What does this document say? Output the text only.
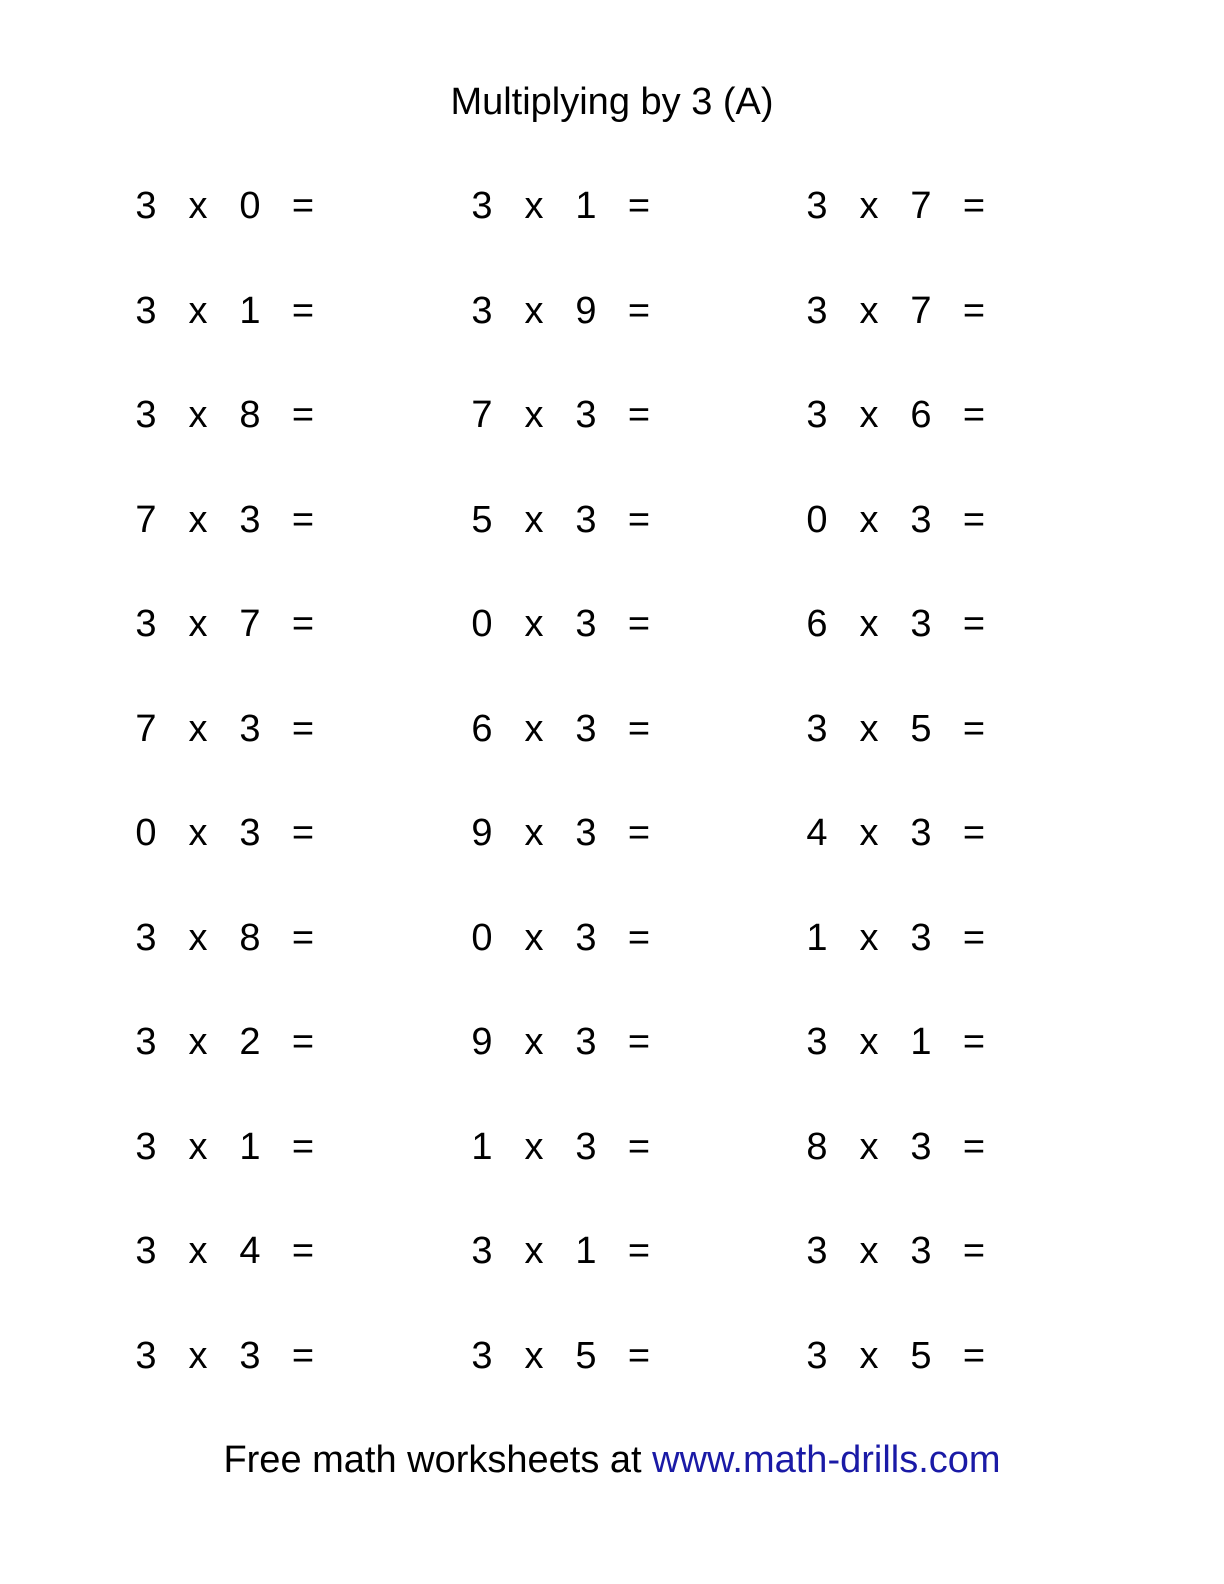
Multiplying by 3 (A)
3 x 0 =	3 x 1 =	3 x 7 =
3 x 1 =	3 x 9 =	3 x 7 =
3 x 8 =	7 x 3 =	3 x 6 =
7 x 3 =	5 x 3 =	0 x 3 =
3 x 7 =	0 x 3 =	6 x 3 =
7 x 3 =	6 x 3 =	3 x 5 =
0 x 3 =	9 x 3 =	4 x 3 =
3 x 8 =	0 x 3 =	1 x 3 =
3 x 2 =	9 x 3 =	3 x 1 =
3 x 1 =	1 x 3 =	8 x 3 =
3 x 4 =	3 x 1 =	3 x 3 =
3 x 3 =	3 x 5 =	3 x 5 =

Free math worksheets at www.math-drills.com
